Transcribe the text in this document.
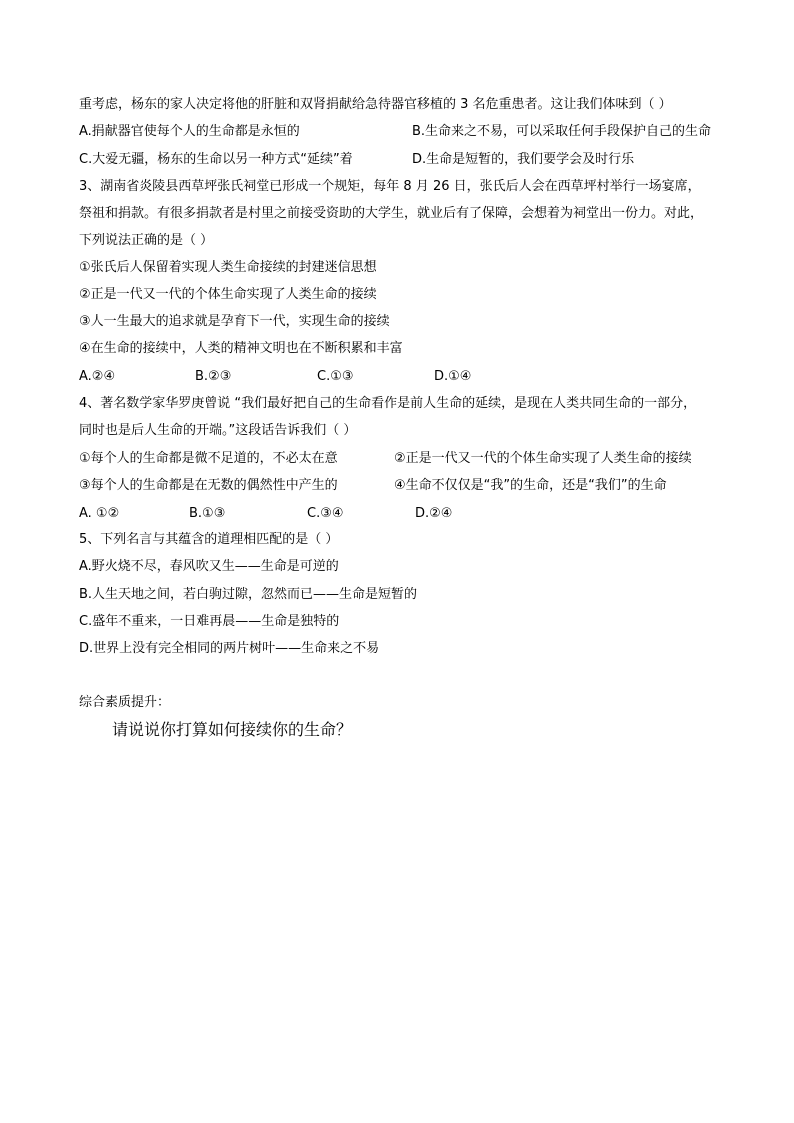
重考虑，杨东的家人决定将他的肝脏和双肾捐献给急待器官移植的 3 名危重患者。这让我们体味到（ ）
A.捐献器官使每个人的生命都是永恒的	B.生命来之不易，可以采取任何手段保护自己的生命
C.大爱无疆，杨东的生命以另一种方式“延续”着	D.生命是短暂的，我们要学会及时行乐
3、湖南省炎陵县西草坪张氏祠堂已形成一个规矩，每年 8 月 26 日，张氏后人会在西草坪村举行一场宴席，
祭祖和捐款。有很多捐款者是村里之前接受资助的大学生，就业后有了保障，会想着为祠堂出一份力。对此，
下列说法正确的是（ ）
①张氏后人保留着实现人类生命接续的封建迷信思想
②正是一代又一代的个体生命实现了人类生命的接续
③人一生最大的追求就是孕育下一代，实现生命的接续
④在生命的接续中，人类的精神文明也在不断积累和丰富
A.②④	B.②③	C.①③	D.①④
4、著名数学家华罗庚曾说 “我们最好把自己的生命看作是前人生命的延续，是现在人类共同生命的一部分，
同时也是后人生命的开端。”这段话告诉我们（ ）
①每个人的生命都是微不足道的，不必太在意	②正是一代又一代的个体生命实现了人类生命的接续
③每个人的生命都是在无数的偶然性中产生的	④生命不仅仅是“我”的生命，还是“我们”的生命
A. ①②	B.①③	C.③④	D.②④
5、下列名言与其蕴含的道理相匹配的是（ ）
A.野火烧不尽，春风吹又生——生命是可逆的
B.人生天地之间，若白驹过隙，忽然而已——生命是短暂的
C.盛年不重来，一日难再晨——生命是独特的
D.世界上没有完全相同的两片树叶——生命来之不易
综合素质提升：
请说说你打算如何接续你的生命？
